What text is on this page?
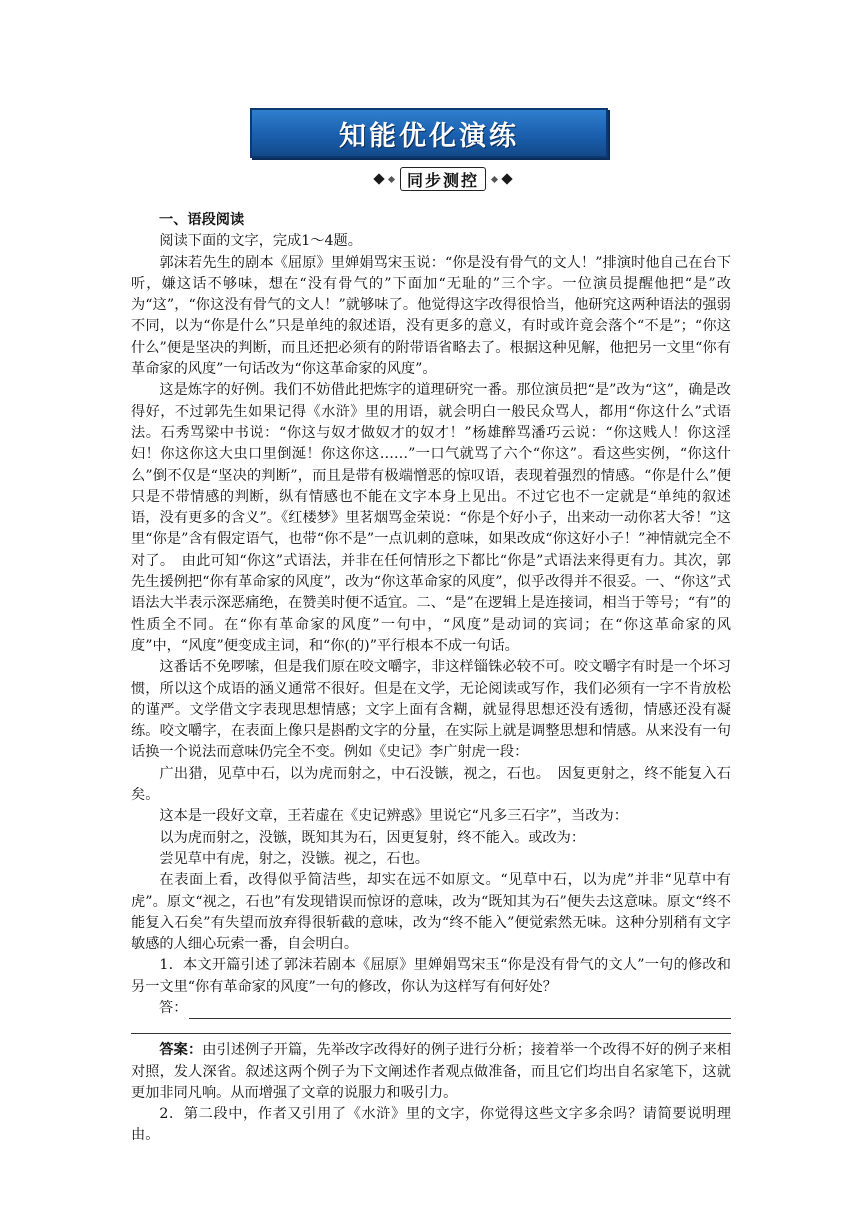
知能优化演练
同步测控

一、语段阅读

阅读下面的文字，完成1～4题。

郭沫若先生的剧本《屈原》里婵娟骂宋玉说：“你是没有骨气的文人！”排演时他自己在台下听，嫌这话不够味，想在“没有骨气的”下面加“无耻的”三个字。一位演员提醒他把“是”改为“这”，“你这没有骨气的文人！”就够味了。他觉得这字改得很恰当，他研究这两种语法的强弱不同，以为“你是什么”只是单纯的叙述语，没有更多的意义，有时或许竟会落个“不是”；“你这什么”便是坚决的判断，而且还把必须有的附带语省略去了。根据这种见解，他把另一文里“你有革命家的风度”一句话改为“你这革命家的风度”。

这是炼字的好例。我们不妨借此把炼字的道理研究一番。那位演员把“是”改为“这”，确是改得好，不过郭先生如果记得《水浒》里的用语，就会明白一般民众骂人，都用“你这什么”式语法。石秀骂梁中书说：“你这与奴才做奴才的奴才！”杨雄醉骂潘巧云说：“你这贱人！你这淫妇！你这你这大虫口里倒涎！你这你这……”一口气就骂了六个“你这”。看这些实例，“你这什么”倒不仅是“坚决的判断”，而且是带有极端憎恶的惊叹语，表现着强烈的情感。“你是什么”便只是不带情感的判断，纵有情感也不能在文字本身上见出。不过它也不一定就是“单纯的叙述语，没有更多的含义”。《红楼梦》里茗烟骂金荣说：“你是个好小子，出来动一动你茗大爷！”这里“你是”含有假定语气，也带“你不是”一点讥刺的意味，如果改成“你这好小子！”神情就完全不对了。　由此可知“你这”式语法，并非在任何情形之下都比“你是”式语法来得更有力。其次，郭先生援例把“你有革命家的风度”，改为“你这革命家的风度”，似乎改得并不很妥。一、“你这”式语法大半表示深恶痛绝，在赞美时便不适宜。二、“是”在逻辑上是连接词，相当于等号；“有”的性质全不同。在“你有革命家的风度”一句中，“风度”是动词的宾词；在“你这革命家的风度”中，“风度”便变成主词，和“你(的)”平行根本不成一句话。

这番话不免啰嗦，但是我们原在咬文嚼字，非这样锱铢必较不可。咬文嚼字有时是一个坏习惯，所以这个成语的涵义通常不很好。但是在文学，无论阅读或写作，我们必须有一字不肯放松的谨严。文学借文字表现思想情感；文字上面有含糊，就显得思想还没有透彻，情感还没有凝练。咬文嚼字，在表面上像只是斟酌文字的分量，在实际上就是调整思想和情感。从来没有一句话换一个说法而意味仍完全不变。例如《史记》李广射虎一段：

广出猎，见草中石，以为虎而射之，中石没镞，视之，石也。　因复更射之，终不能复入石矣。

这本是一段好文章，王若虚在《史记辨惑》里说它“凡多三石字”，当改为：

以为虎而射之，没镞，既知其为石，因更复射，终不能入。或改为：

尝见草中有虎，射之，没镞。视之，石也。

在表面上看，改得似乎简洁些，却实在远不如原文。“见草中石，以为虎”并非“见草中有虎”。原文“视之，石也”有发现错误而惊讶的意味，改为“既知其为石”便失去这意味。原文“终不能复入石矣”有失望而放弃得很斩截的意味，改为“终不能入”便觉索然无味。这种分别稍有文字敏感的人细心玩索一番，自会明白。

1．本文开篇引述了郭沫若剧本《屈原》里婵娟骂宋玉“你是没有骨气的文人”一句的修改和另一文里“你有革命家的风度”一句的修改，你认为这样写有何好处？

答：

答案：由引述例子开篇，先举改字改得好的例子进行分析；接着举一个改得不好的例子来相对照，发人深省。叙述这两个例子为下文阐述作者观点做准备，而且它们均出自名家笔下，这就更加非同凡响。从而增强了文章的说服力和吸引力。

2．第二段中，作者又引用了《水浒》里的文字，你觉得这些文字多余吗？请简要说明理由。
